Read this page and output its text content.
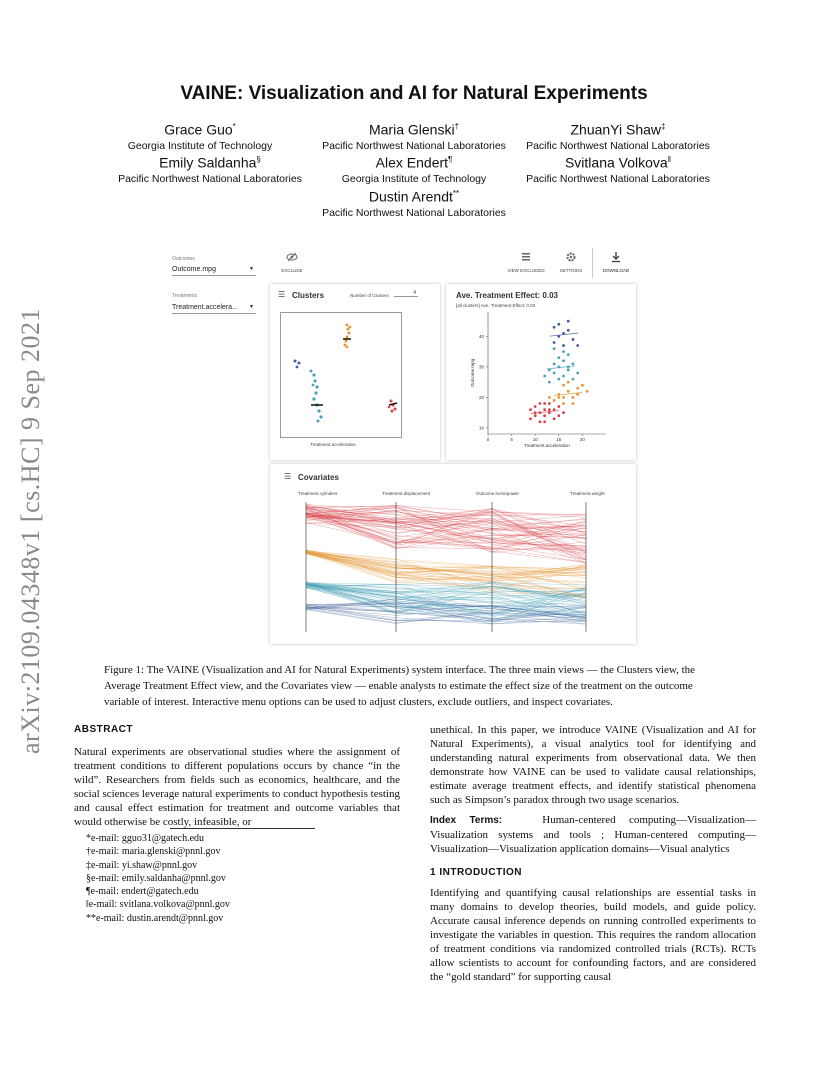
arXiv:2109.04348v1 [cs.HC] 9 Sep 2021
VAINE: Visualization and AI for Natural Experiments
Grace Guo*
Georgia Institute of Technology
Maria Glenski†
Pacific Northwest National Laboratories
ZhuanYi Shaw‡
Pacific Northwest National Laboratories
Emily Saldanha§
Pacific Northwest National Laboratories
Alex Endert¶
Georgia Institute of Technology
Svitlana Volkova‖
Pacific Northwest National Laboratories
Dustin Arendt**
Pacific Northwest National Laboratories
Outcomes
Outcome.mpg	▼
Treatments
Treatment.accelera... ▼
EXCLUDE	VIEW EXCLUDED	SETTINGS	DOWNLOAD
☰ Clusters	Number of Clusters	4
Treatment.acceleration
Ave. Treatment Effect: 0.03
[all clusters] Ave. Treatment Effect: 0.03
0	5	10	15	20
10
20
30
40
Treatment.acceleration
Outcome.mpg
☰ Covariates
Treatment.cylinders	Treatment.displacement	Outcome.horsepower	Treatment.weight
Figure 1: The VAINE (Visualization and AI for Natural Experiments) system interface. The three main views — the Clusters view, the Average Treatment Effect view, and the Covariates view — enable analysts to estimate the effect size of the treatment on the outcome variable of interest. Interactive menu options can be used to adjust clusters, exclude outliers, and inspect covariates.
ABSTRACT
Natural experiments are observational studies where the assignment of treatment conditions to different populations occurs by chance “in the wild”. Researchers from fields such as economics, healthcare, and the social sciences leverage natural experiments to conduct hypothesis testing and causal effect estimation for treatment and outcome variables that would otherwise be costly, infeasible, or
*e-mail: gguo31@gatech.edu
†e-mail: maria.glenski@pnnl.gov
‡e-mail: yi.shaw@pnnl.gov
§e-mail: emily.saldanha@pnnl.gov
¶e-mail: endert@gatech.edu
‖e-mail: svitlana.volkova@pnnl.gov
**e-mail: dustin.arendt@pnnl.gov
unethical. In this paper, we introduce VAINE (Visualization and AI for Natural Experiments), a visual analytics tool for identifying and understanding natural experiments from observational data. We then demonstrate how VAINE can be used to validate causal relationships, estimate average treatment effects, and identify statistical phenomena such as Simpson’s paradox through two usage scenarios.
Index Terms:	Human-centered computing—Visualization—Visualization systems and tools ; Human-centered computing—Visualization—Visualization application domains—Visual analytics
1 INTRODUCTION
Identifying and quantifying causal relationships are essential tasks in many domains to develop theories, build models, and guide policy. Accurate causal inference depends on running controlled experiments to investigate the variables in question. This requires the random allocation of treatment conditions via randomized controlled trials (RCTs). RCTs allow scientists to account for confounding factors, and are considered the “gold standard” for supporting causal
